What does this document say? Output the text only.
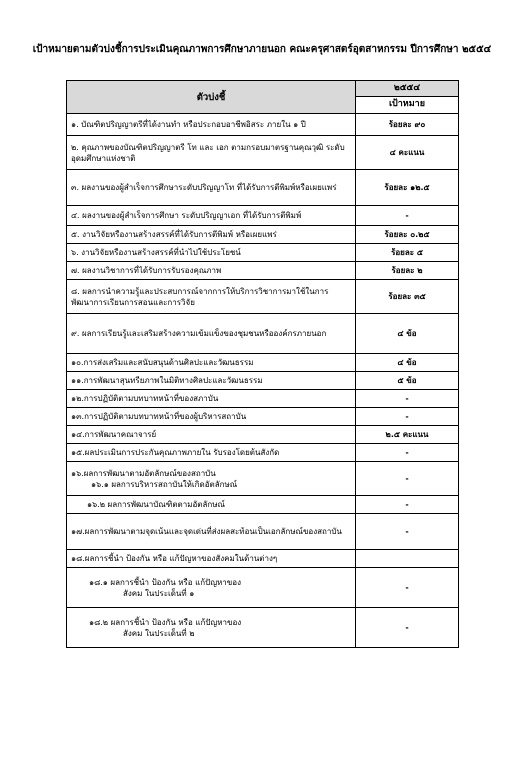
เป้าหมายตามตัวบ่งชี้การประเมินคุณภาพการศึกษาภายนอก คณะครุศาสตร์อุตสาหกรรม ปีการศึกษา ๒๕๕๔
ตัวบ่งชี้	๒๕๕๔
	เป้าหมาย
๑. บัณฑิตปริญญาตรีที่ได้งานทำ หรือประกอบอาชีพอิสระ ภายใน ๑ ปี	ร้อยละ ๙๐
๒. คุณภาพของบัณฑิตปริญญาตรี โท และ เอก ตามกรอบมาตรฐานคุณวุฒิ ระดับอุดมศึกษาแห่งชาติ	๔ คะแนน
๓. ผลงานของผู้สำเร็จการศึกษาระดับปริญญาโท ที่ได้รับการตีพิมพ์หรือเผยแพร่	ร้อยละ ๑๒.๕
๔. ผลงานของผู้สำเร็จการศึกษา ระดับปริญญาเอก ที่ได้รับการตีพิมพ์	-
๕. งานวิจัยหรืองานสร้างสรรค์ที่ได้รับการตีพิมพ์ หรือเผยแพร่	ร้อยละ ๐.๒๕
๖. งานวิจัยหรืองานสร้างสรรค์ที่นำไปใช้ประโยชน์	ร้อยละ ๕
๗. ผลงานวิชาการที่ได้รับการรับรองคุณภาพ	ร้อยละ ๒
๘. ผลการนำความรู้และประสบการณ์จากการให้บริการวิชาการมาใช้ในการพัฒนาการเรียนการสอนและการวิจัย	ร้อยละ ๓๕
๙. ผลการเรียนรู้และเสริมสร้างความเข้มแข็งของชุมชนหรือองค์กรภายนอก	๔ ข้อ
๑๐.การส่งเสริมและสนับสนุนด้านศิลปะและวัฒนธรรม	๔ ข้อ
๑๑.การพัฒนาสุนทรียภาพในมิติทางศิลปะและวัฒนธรรม	๕ ข้อ
๑๒.การปฏิบัติตามบทบาทหน้าที่ของสภาบัน	-
๑๓.การปฏิบัติตามบทบาทหน้าที่ของผู้บริหารสถาบัน	-
๑๔.การพัฒนาคณาจารย์	๒.๕ คะแนน
๑๕.ผลประเมินการประกันคุณภาพภายใน รับรองโดยต้นสังกัด	-

๑๖.ผลการพัฒนาตามอัตลักษณ์ของสถาบัน
๑๖.๑ ผลการบริหารสถาบันให้เกิดอัตลักษณ์	-
๑๖.๒ ผลการพัฒนาบัณฑิตตามอัตลักษณ์	-
๑๗.ผลการพัฒนาตามจุดเน้นและจุดเด่นที่ส่งผลสะท้อนเป็นเอกลักษณ์ของสถาบัน	-
๑๘.ผลการชี้นำ ป้องกัน หรือ แก้ปัญหาของสังคมในด้านต่างๆ	

๑๘.๑ ผลการชี้นำ ป้องกัน หรือ แก้ปัญหาของ
สังคม ในประเด็นที่ ๑	-

๑๘.๒ ผลการชี้นำ ป้องกัน หรือ แก้ปัญหาของ
สังคม ในประเด็นที่ ๒	-
